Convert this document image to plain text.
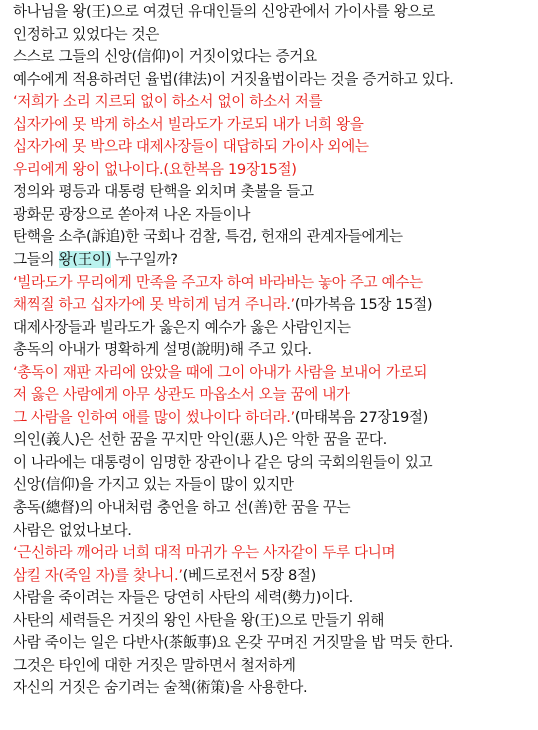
하나님을 왕(王)으로 여겼던 유대인들의 신앙관에서 가이사를 왕으로
인정하고 있었다는 것은
스스로 그들의 신앙(信仰)이 거짓이었다는 증거요
예수에게 적용하려던 율법(律法)이 거짓율법이라는 것을 증거하고 있다.
‘저희가 소리 지르되 없이 하소서 없이 하소서 저를
십자가에 못 박게 하소서 빌라도가 가로되 내가 너희 왕을
십자가에 못 박으랴 대제사장들이 대답하되 가이사 외에는
우리에게 왕이 없나이다.(요한복음 19장15절)
정의와 평등과 대통령 탄핵을 외치며 촛불을 들고
광화문 광장으로 쏟아져 나온 자들이나
탄핵을 소추(訴追)한 국회나 검찰, 특검, 헌재의 관계자들에게는
그들의 왕(王이) 누구일까?
‘빌라도가 무리에게 만족을 주고자 하여 바라바는 놓아 주고 예수는
채찍질 하고 십자가에 못 박히게 넘겨 주니라.’(마가복음 15장 15절)
대제사장들과 빌라도가 옳은지 예수가 옳은 사람인지는
총독의 아내가 명확하게 설명(說明)해 주고 있다.
‘총독이 재판 자리에 앉았을 때에 그이 아내가 사람을 보내어 가로되
저 옳은 사람에게 아무 상관도 마옵소서 오늘 꿈에 내가
그 사람을 인하여 애를 많이 썼나이다 하더라.’(마태복음 27장19절)
의인(義人)은 선한 꿈을 꾸지만 악인(惡人)은 악한 꿈을 꾼다.
이 나라에는 대통령이 임명한 장관이나 같은 당의 국회의원들이 있고
신앙(信仰)을 가지고 있는 자들이 많이 있지만
총독(總督)의 아내처럼 충언을 하고 선(善)한 꿈을 꾸는
사람은 없었나보다.
‘근신하라 깨어라 너희 대적 마귀가 우는 사자같이 두루 다니며
삼킬 자(죽일 자)를 찾나니.’(베드로전서 5장 8절)
사람을 죽이려는 자들은 당연히 사탄의 세력(勢力)이다.
사탄의 세력들은 거짓의 왕인 사탄을 왕(王)으로 만들기 위해
사람 죽이는 일은 다반사(茶飯事)요 온갖 꾸며진 거짓말을 밥 먹듯 한다.
그것은 타인에 대한 거짓은 말하면서 철저하게
자신의 거짓은 숨기려는 술책(術策)을 사용한다.
